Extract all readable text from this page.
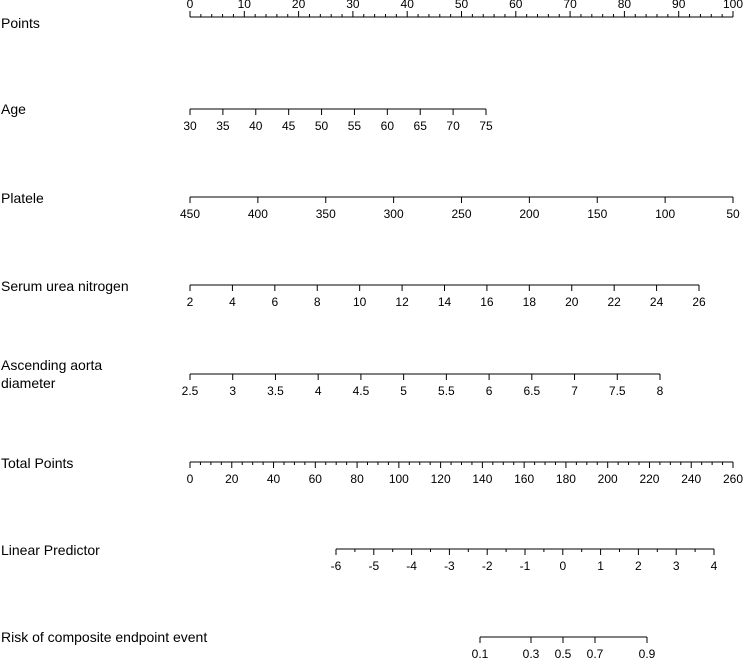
Points
0	10	20	30	40	50	60	70	80	90	100
Age
30 35 40 45 50 55 60 65 70 75
Platele
450	400	350	300	250	200	150	100	50
Serum urea nitrogen
2	4	6	8	10 12 14 16 18 20 22 24 26
Ascending aorta
diameter	2.5	3	3.5	4	4.5	5	5.5	6	6.5	7	7.5	8
Total Points
0	20 40 60 80 100 120 140 160 180 200 220 240 260
Linear Predictor
-6 -5 -4 -3 -2 -1 0	1	2	3	4
Risk of composite endpoint event
0.1	0.3 0.5 0.7	0.9
